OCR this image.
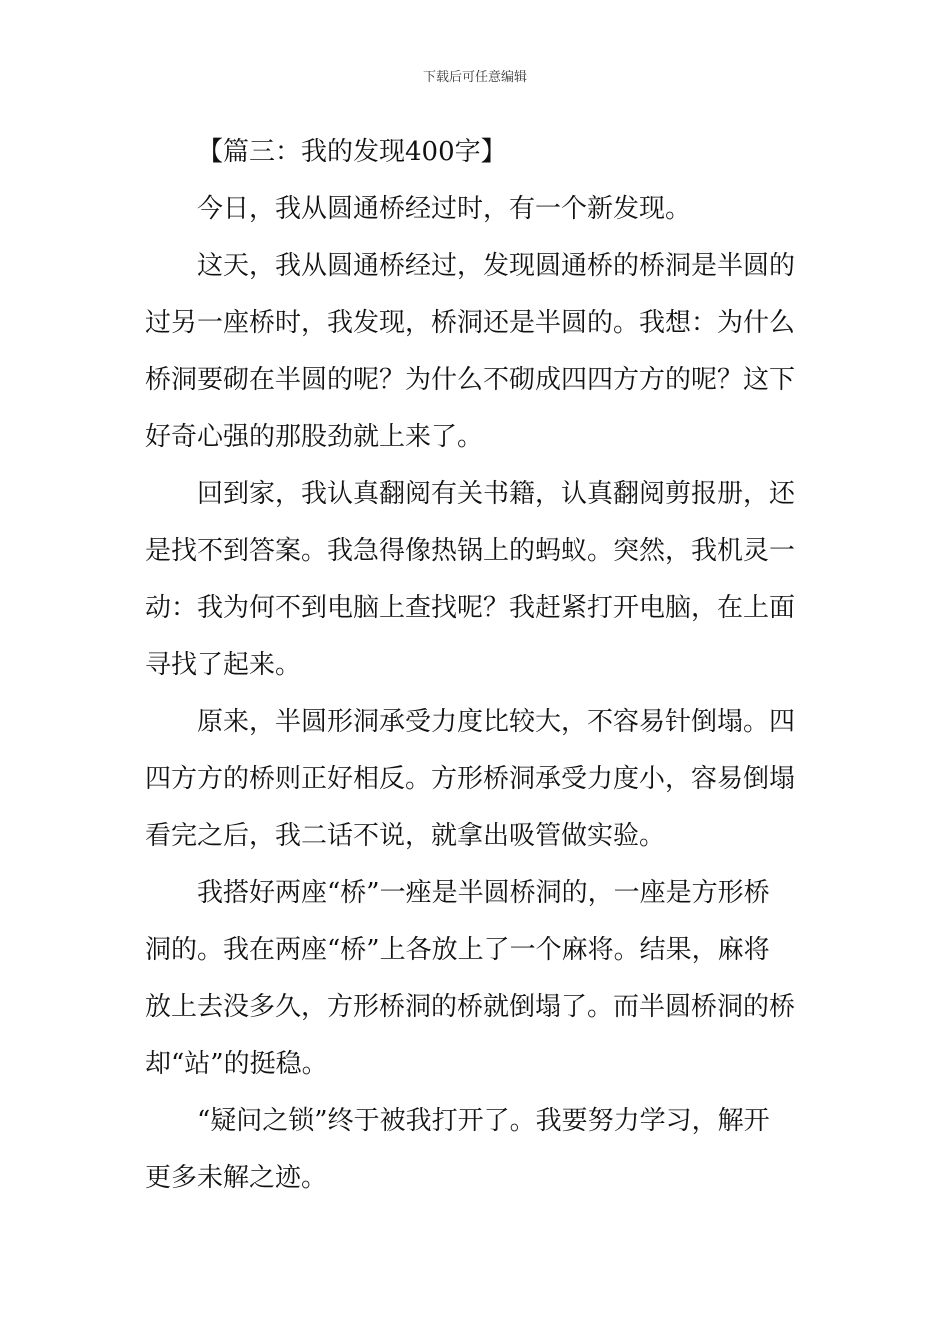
下载后可任意编辑
【篇三：我的发现400字】
今日，我从圆通桥经过时，有一个新发现。
这天，我从圆通桥经过，发现圆通桥的桥洞是半圆的
过另一座桥时，我发现，桥洞还是半圆的。我想：为什么
桥洞要砌在半圆的呢？为什么不砌成四四方方的呢？这下
好奇心强的那股劲就上来了。
回到家，我认真翻阅有关书籍，认真翻阅剪报册，还
是找不到答案。我急得像热锅上的蚂蚁。突然，我机灵一
动：我为何不到电脑上查找呢？我赶紧打开电脑，在上面
寻找了起来。
原来，半圆形洞承受力度比较大，不容易针倒塌。四
四方方的桥则正好相反。方形桥洞承受力度小，容易倒塌
看完之后，我二话不说，就拿出吸管做实验。
我搭好两座“桥”一痤是半圆桥洞的，一座是方形桥
洞的。我在两座“桥”上各放上了一个麻将。结果，麻将
放上去没多久，方形桥洞的桥就倒塌了。而半圆桥洞的桥
却“站”的挺稳。
“疑问之锁”终于被我打开了。我要努力学习，解开
更多未解之迹。
